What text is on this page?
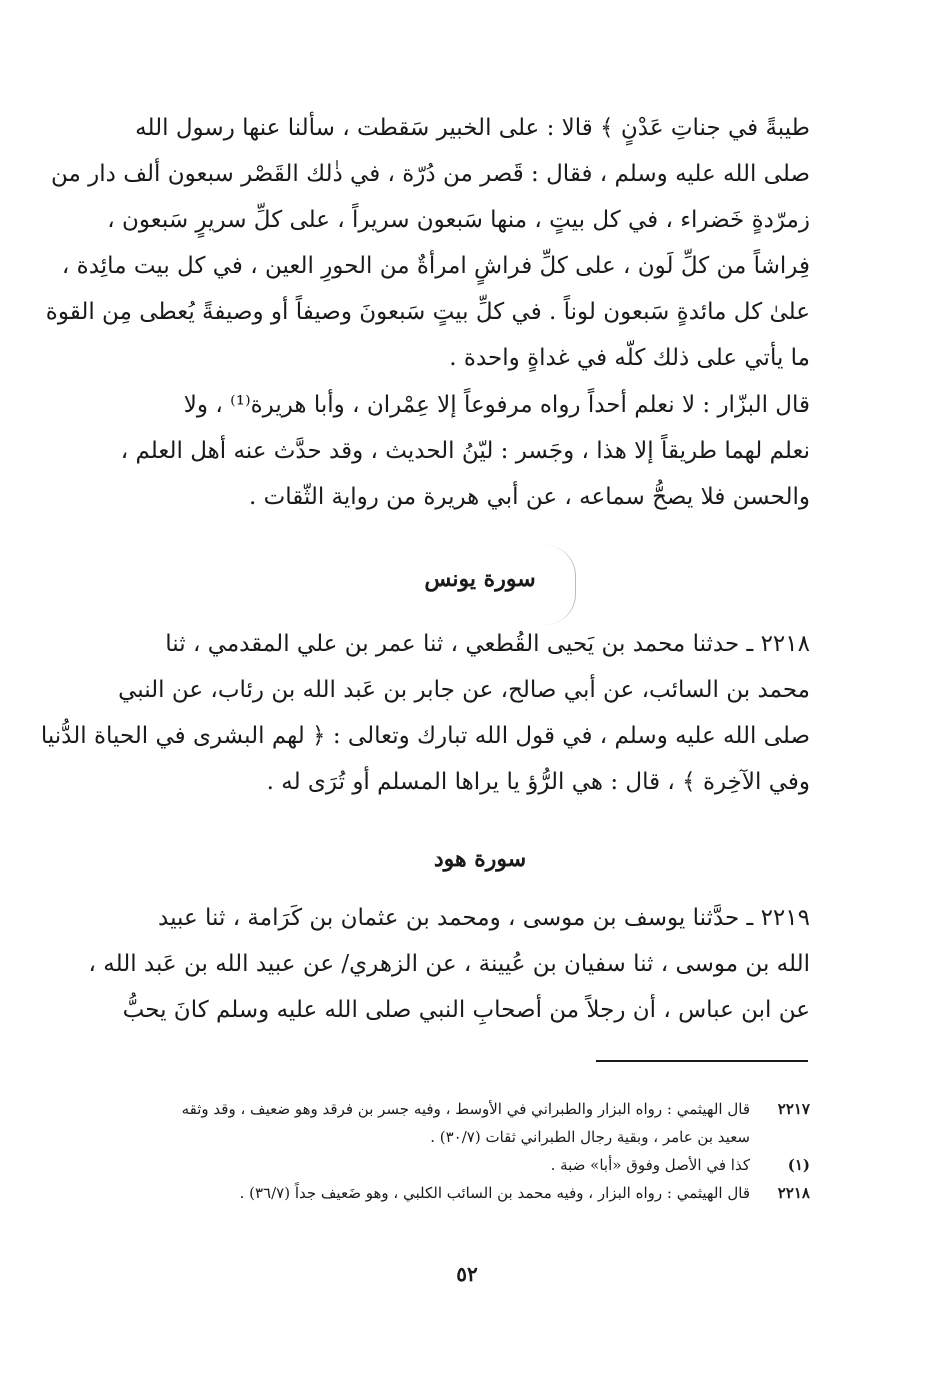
طيبةً في جناتِ عَدْنٍ ﴾ قالا : على الخبير سَقطت ، سألنا عنها رسول الله
صلى الله عليه وسلم ، فقال : قَصر من دُرّة ، في ذٰلك القَصْر سبعون ألف دار من
زمرّدةٍ خَضراء ، في كل بيتٍ ، منها سَبعون سريراً ، على كلِّ سريرٍ سَبعون ،
فِراشاً من كلِّ لَون ، على كلِّ فراشٍ امرأةٌ من الحورِ العين ، في كل بيت مائِدة ،
علىٰ كل مائدةٍ سَبعون لوناً . في كلِّ بيتٍ سَبعونَ وصيفاً أو وصيفةً يُعطى مِن القوة
ما يأتي على ذلك كلّه في غداةٍ واحدة .
قال البزّار : لا نعلم أحداً رواه مرفوعاً إلا عِمْران ، وأبا هريرة⁽¹⁾ ، ولا
نعلم لهما طريقاً إلا هذا ، وجَسر : ليّنُ الحديث ، وقد حدَّث عنه أهل العلم ،
والحسن فلا يصحُّ سماعه ، عن أبي هريرة من رواية الثّقات .
سورة يونس
٢٢١٨ ـ حدثنا محمد بن يَحيى القُطعي ، ثنا عمر بن علي المقدمي ، ثنا
محمد بن السائب، عن أبي صالح، عن جابر بن عَبد الله بن رئاب، عن النبي
صلى الله عليه وسلم ، في قول الله تبارك وتعالى : ﴿ لهم البشرى في الحياة الدُّنيا
وفي الآخِرة ﴾ ، قال : هي الرُّؤ يا يراها المسلم أو تُرَى له .
سورة هود
٢٢١٩ ـ حدَّثنا يوسف بن موسى ، ومحمد بن عثمان بن كَرَامة ، ثنا عبيد
الله بن موسى ، ثنا سفيان بن عُيينة ، عن الزهري/ عن عبيد الله بن عَبد الله ،
عن ابن عباس ، أن رجلاً من أصحابِ النبي صلى الله عليه وسلم كانَ يحبُّ
٢٢١٧
قال الهيثمي : رواه البزار والطبراني في الأوسط ، وفيه جسر بن فرقد وهو ضعيف ، وقد وثقه
سعيد بن عامر ، وبقية رجال الطبراني ثقات (٣٠/٧) .
(١)
كذا في الأصل وفوق «أبا» ضبة .
٢٢١٨
قال الهيثمي : رواه البزار ، وفيه محمد بن السائب الكلبي ، وهو ضَعيف جداً (٣٦/٧) .
٥٢
